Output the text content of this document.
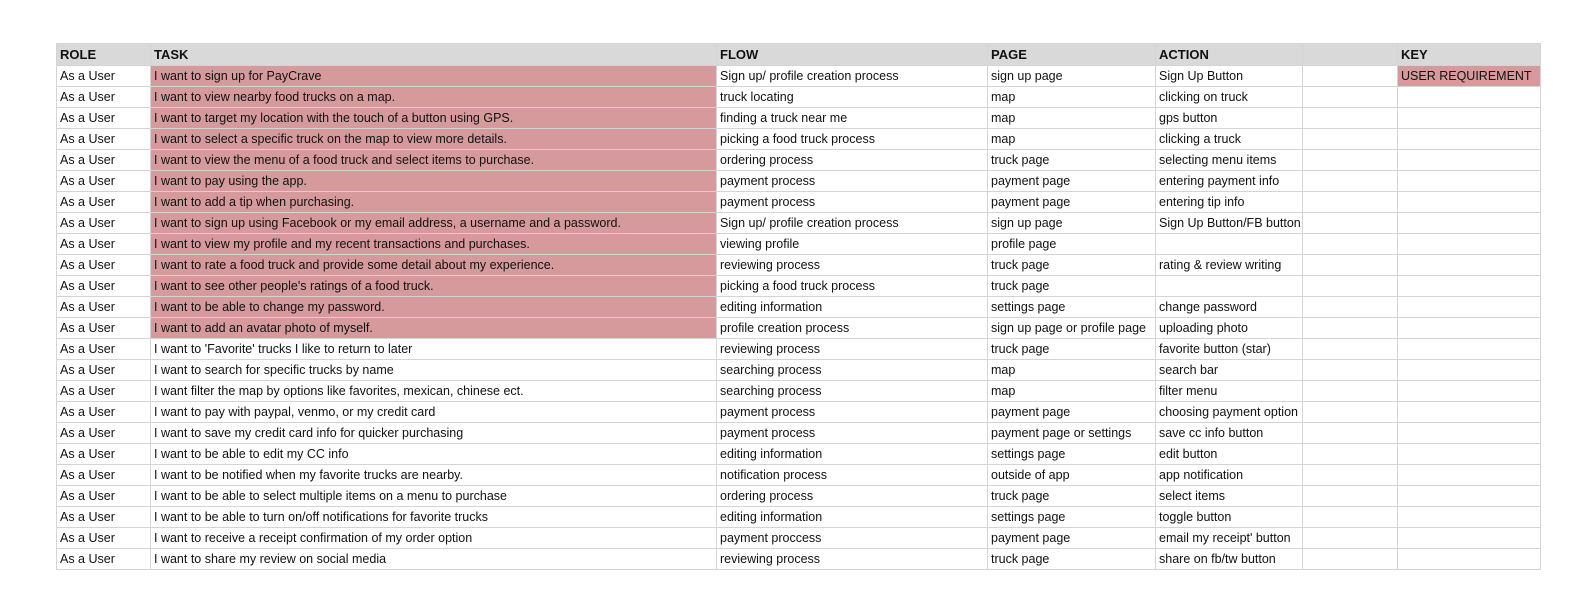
ROLE	TASK	FLOW	PAGE	ACTION		KEY
As a User	I want to sign up for PayCrave	Sign up/ profile creation process	sign up page	Sign Up Button		USER REQUIREMENT
As a User	I want to view nearby food trucks on a map.	truck locating	map	clicking on truck		
As a User	I want to target my location with the touch of a button using GPS.	finding a truck near me	map	gps button		
As a User	I want to select a specific truck on the map to view more details.	picking a food truck process	map	clicking a truck		
As a User	I want to view the menu of a food truck and select items to purchase.	ordering process	truck page	selecting menu items		
As a User	I want to pay using the app.	payment process	payment page	entering payment info		
As a User	I want to add a tip when purchasing.	payment process	payment page	entering tip info		
As a User	I want to sign up using Facebook or my email address, a username and a password.	Sign up/ profile creation process	sign up page	Sign Up Button/FB button		
As a User	I want to view my profile and my recent transactions and purchases.	viewing profile	profile page			
As a User	I want to rate a food truck and provide some detail about my experience.	reviewing process	truck page	rating & review writing		
As a User	I want to see other people's ratings of a food truck.	picking a food truck process	truck page			
As a User	I want to be able to change my password.	editing information	settings page	change password		
As a User	I want to add an avatar photo of myself.	profile creation process	sign up page or profile page	uploading photo		
As a User	I want to 'Favorite' trucks I like to return to later	reviewing process	truck page	favorite button (star)		
As a User	I want to search for specific trucks by name	searching process	map	search bar		
As a User	I want filter the map by options like favorites, mexican, chinese ect.	searching process	map	filter menu		
As a User	I want to pay with paypal, venmo, or my credit card	payment process	payment page	choosing payment option		
As a User	I want to save my credit card info for quicker purchasing	payment process	payment page or settings	save cc info button		
As a User	I want to be able to edit my CC info	editing information	settings page	edit button		
As a User	I want to be notified when my favorite trucks are nearby.	notification process	outside of app	app notification		
As a User	I want to be able to select multiple items on a menu to purchase	ordering process	truck page	select items		
As a User	I want to be able to turn on/off notifications for favorite trucks	editing information	settings page	toggle button		
As a User	I want to receive a receipt confirmation of my order option	payment proccess	payment page	email my receipt' button		
As a User	I want to share my review on social media	reviewing process	truck page	share on fb/tw button		
